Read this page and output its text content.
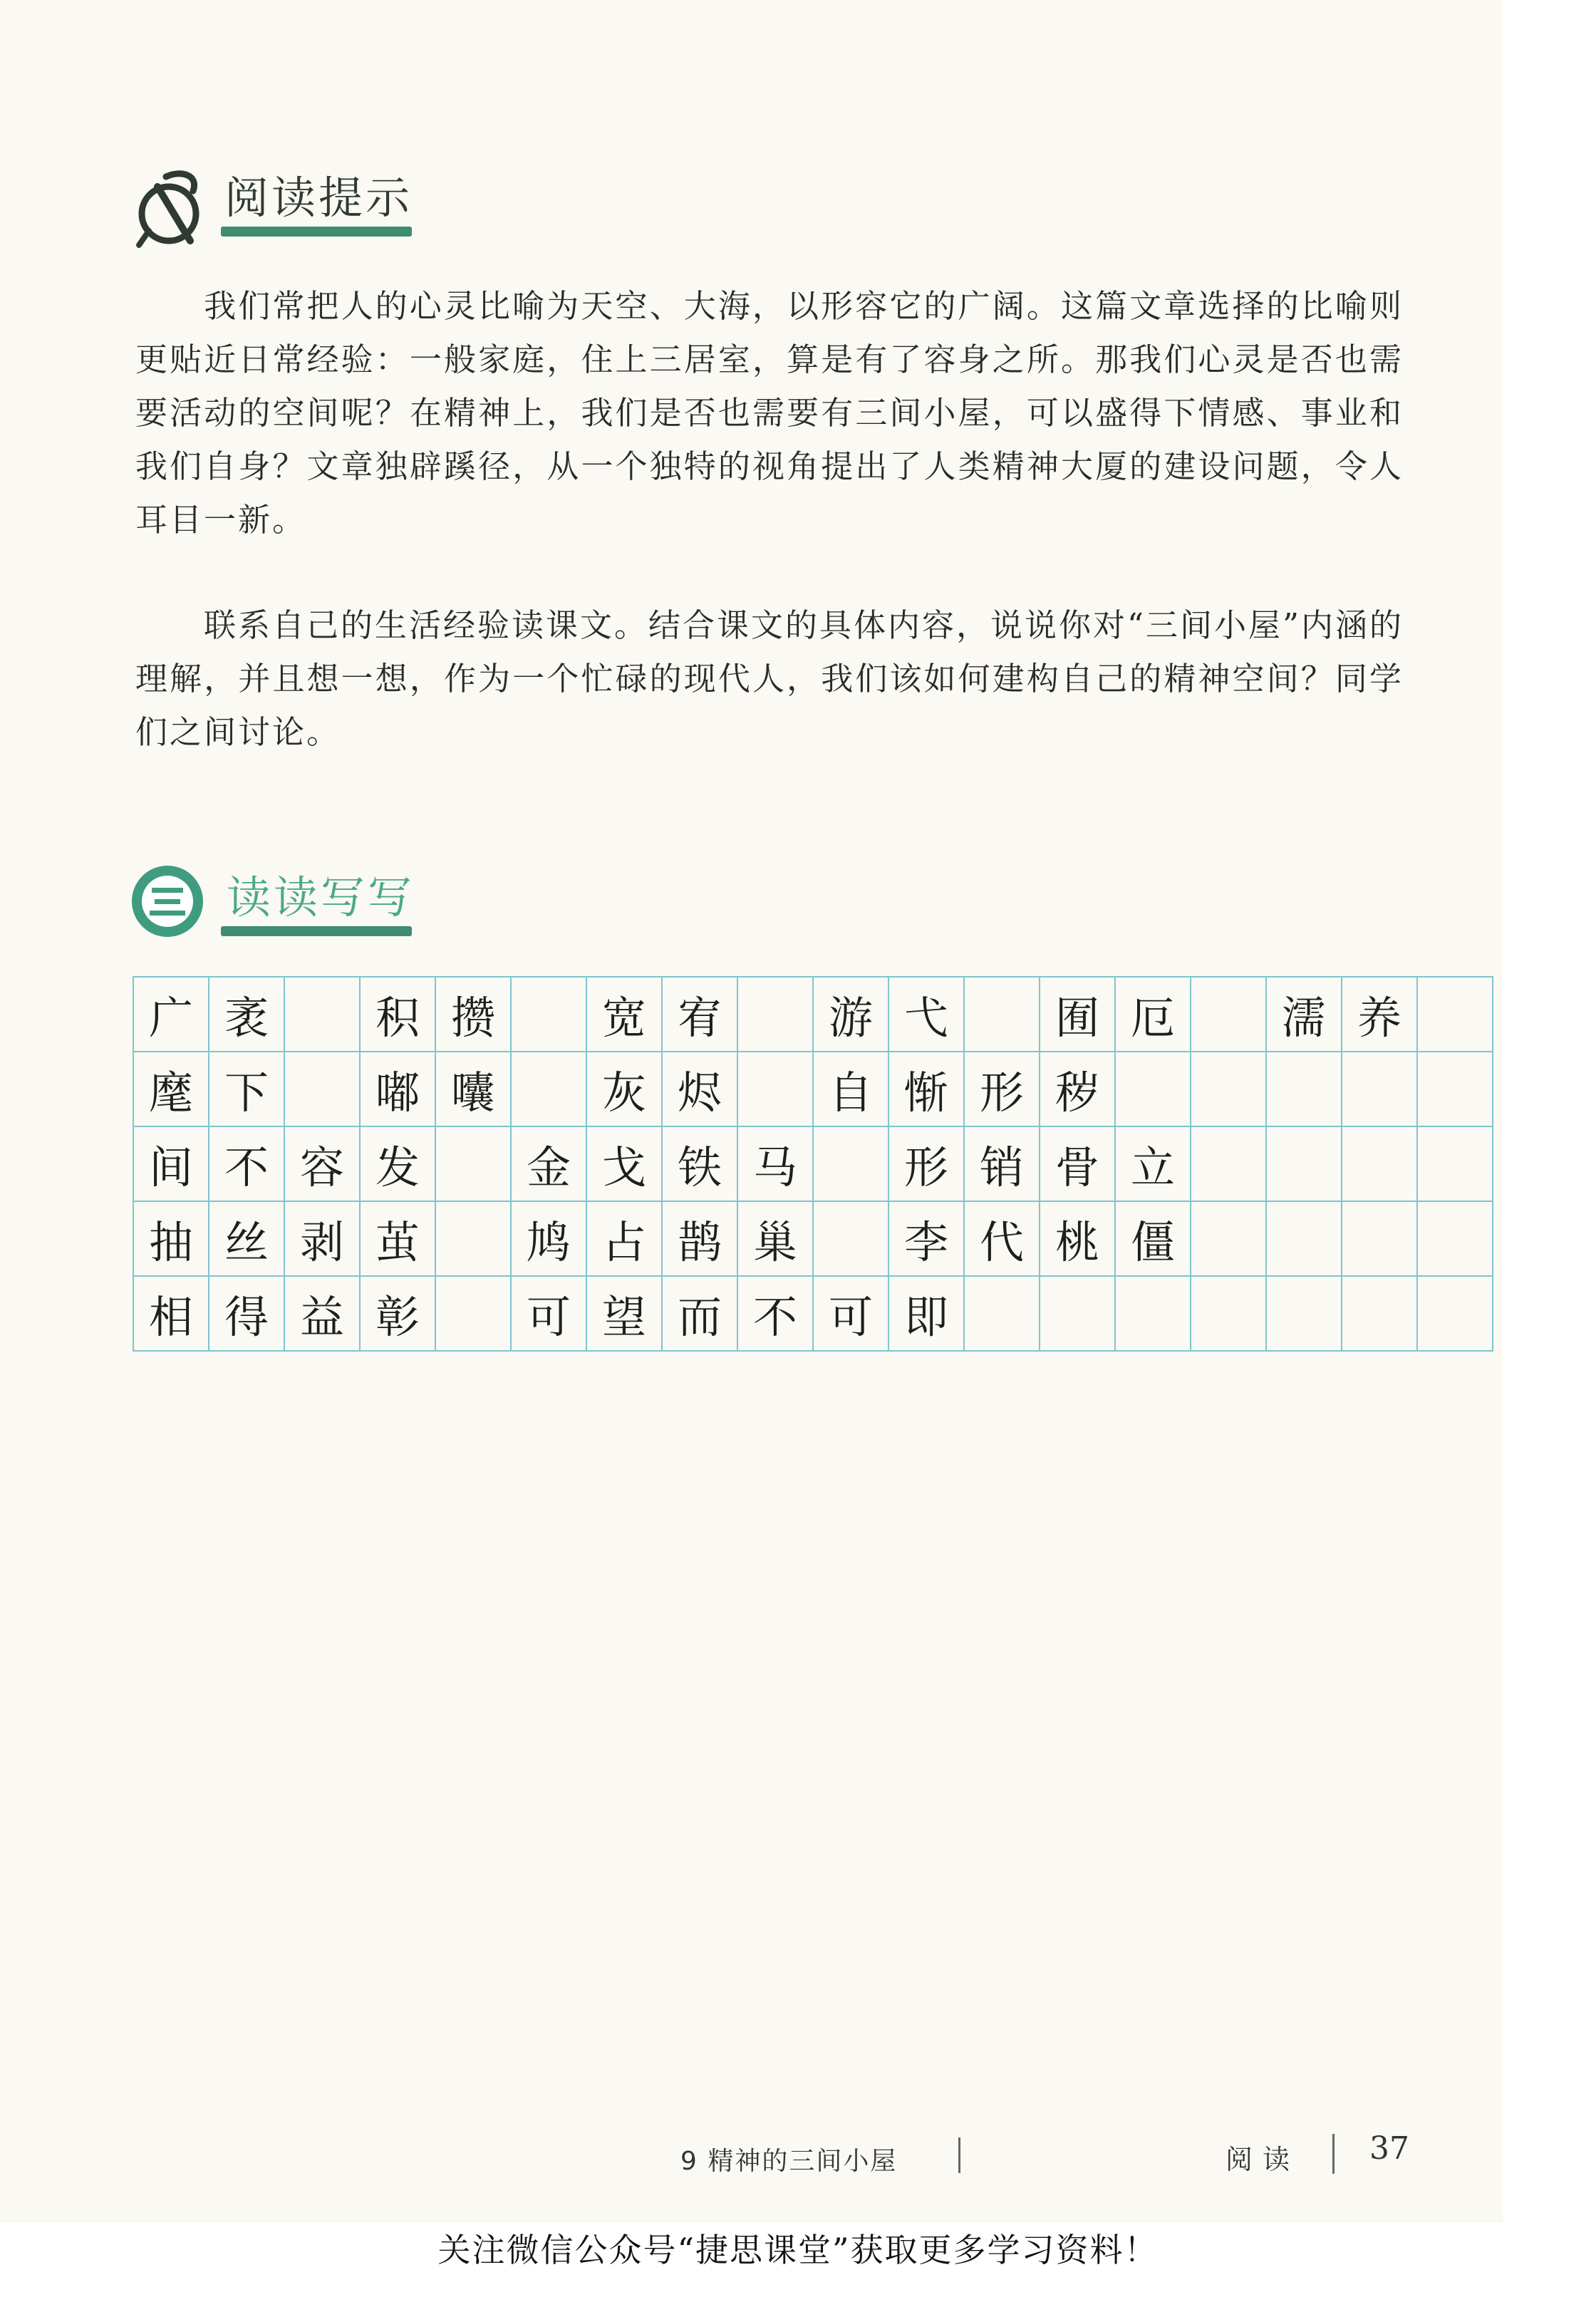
阅读提示
我们常把人的心灵比喻为天空、大海，以形容它的广阔。这篇文章选择的比喻则更贴近日常经验：一般家庭，住上三居室，算是有了容身之所。那我们心灵是否也需要活动的空间呢？在精神上，我们是否也需要有三间小屋，可以盛得下情感、事业和我们自身？文章独辟蹊径，从一个独特的视角提出了人类精神大厦的建设问题，令人耳目一新。
联系自己的生活经验读课文。结合课文的具体内容，说说你对“三间小屋”内涵的理解，并且想一想，作为一个忙碌的现代人，我们该如何建构自己的精神空间？同学们之间讨论。
读读写写
广 袤	积 攒	宽 宥	游 弋	囿 厄	濡 养
麾 下	嘟 囔	灰 烬	自 惭 形 秽
间 不 容 发	金 戈 铁 马	形 销 骨 立
抽 丝 剥 茧	鸠 占 鹊 巢	李 代 桃 僵
相 得 益 彰	可 望 而 不 可 即
9 精神的三间小屋	阅读 37
关注微信公众号“捷思课堂”获取更多学习资料！
